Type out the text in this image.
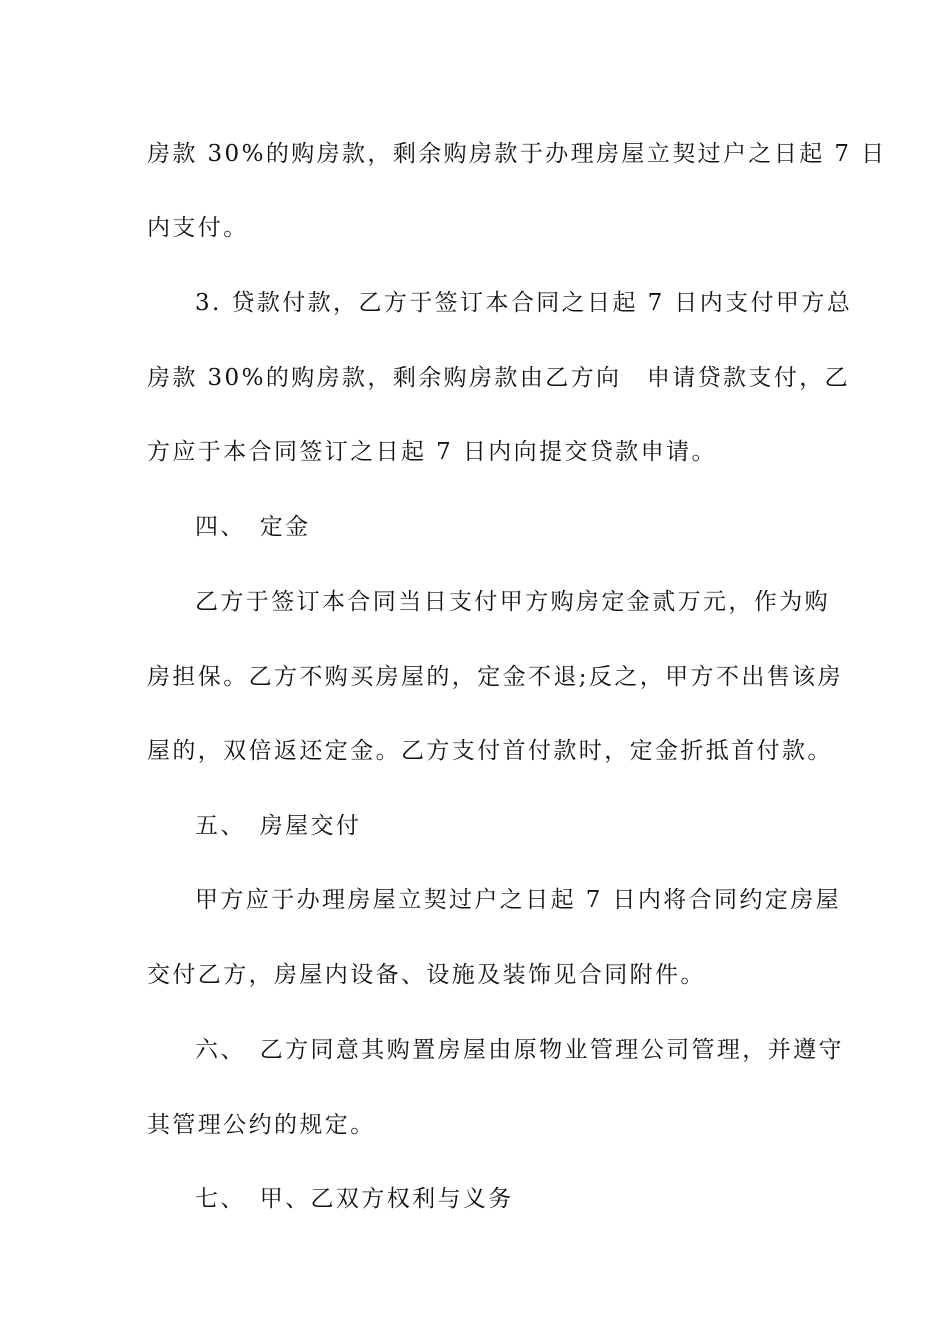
房款 30%的购房款，剩余购房款于办理房屋立契过户之日起 7 日
内支付。
3. 贷款付款，乙方于签订本合同之日起 7 日内支付甲方总
房款 30%的购房款，剩余购房款由乙方向　申请贷款支付，乙
方应于本合同签订之日起 7 日内向提交贷款申请。
四、　定金
乙方于签订本合同当日支付甲方购房定金贰万元，作为购
房担保。乙方不购买房屋的，定金不退;反之，甲方不出售该房
屋的，双倍返还定金。乙方支付首付款时，定金折抵首付款。
五、　房屋交付
甲方应于办理房屋立契过户之日起 7 日内将合同约定房屋
交付乙方，房屋内设备、设施及装饰见合同附件。
六、　乙方同意其购置房屋由原物业管理公司管理，并遵守
其管理公约的规定。
七、　甲、乙双方权利与义务
